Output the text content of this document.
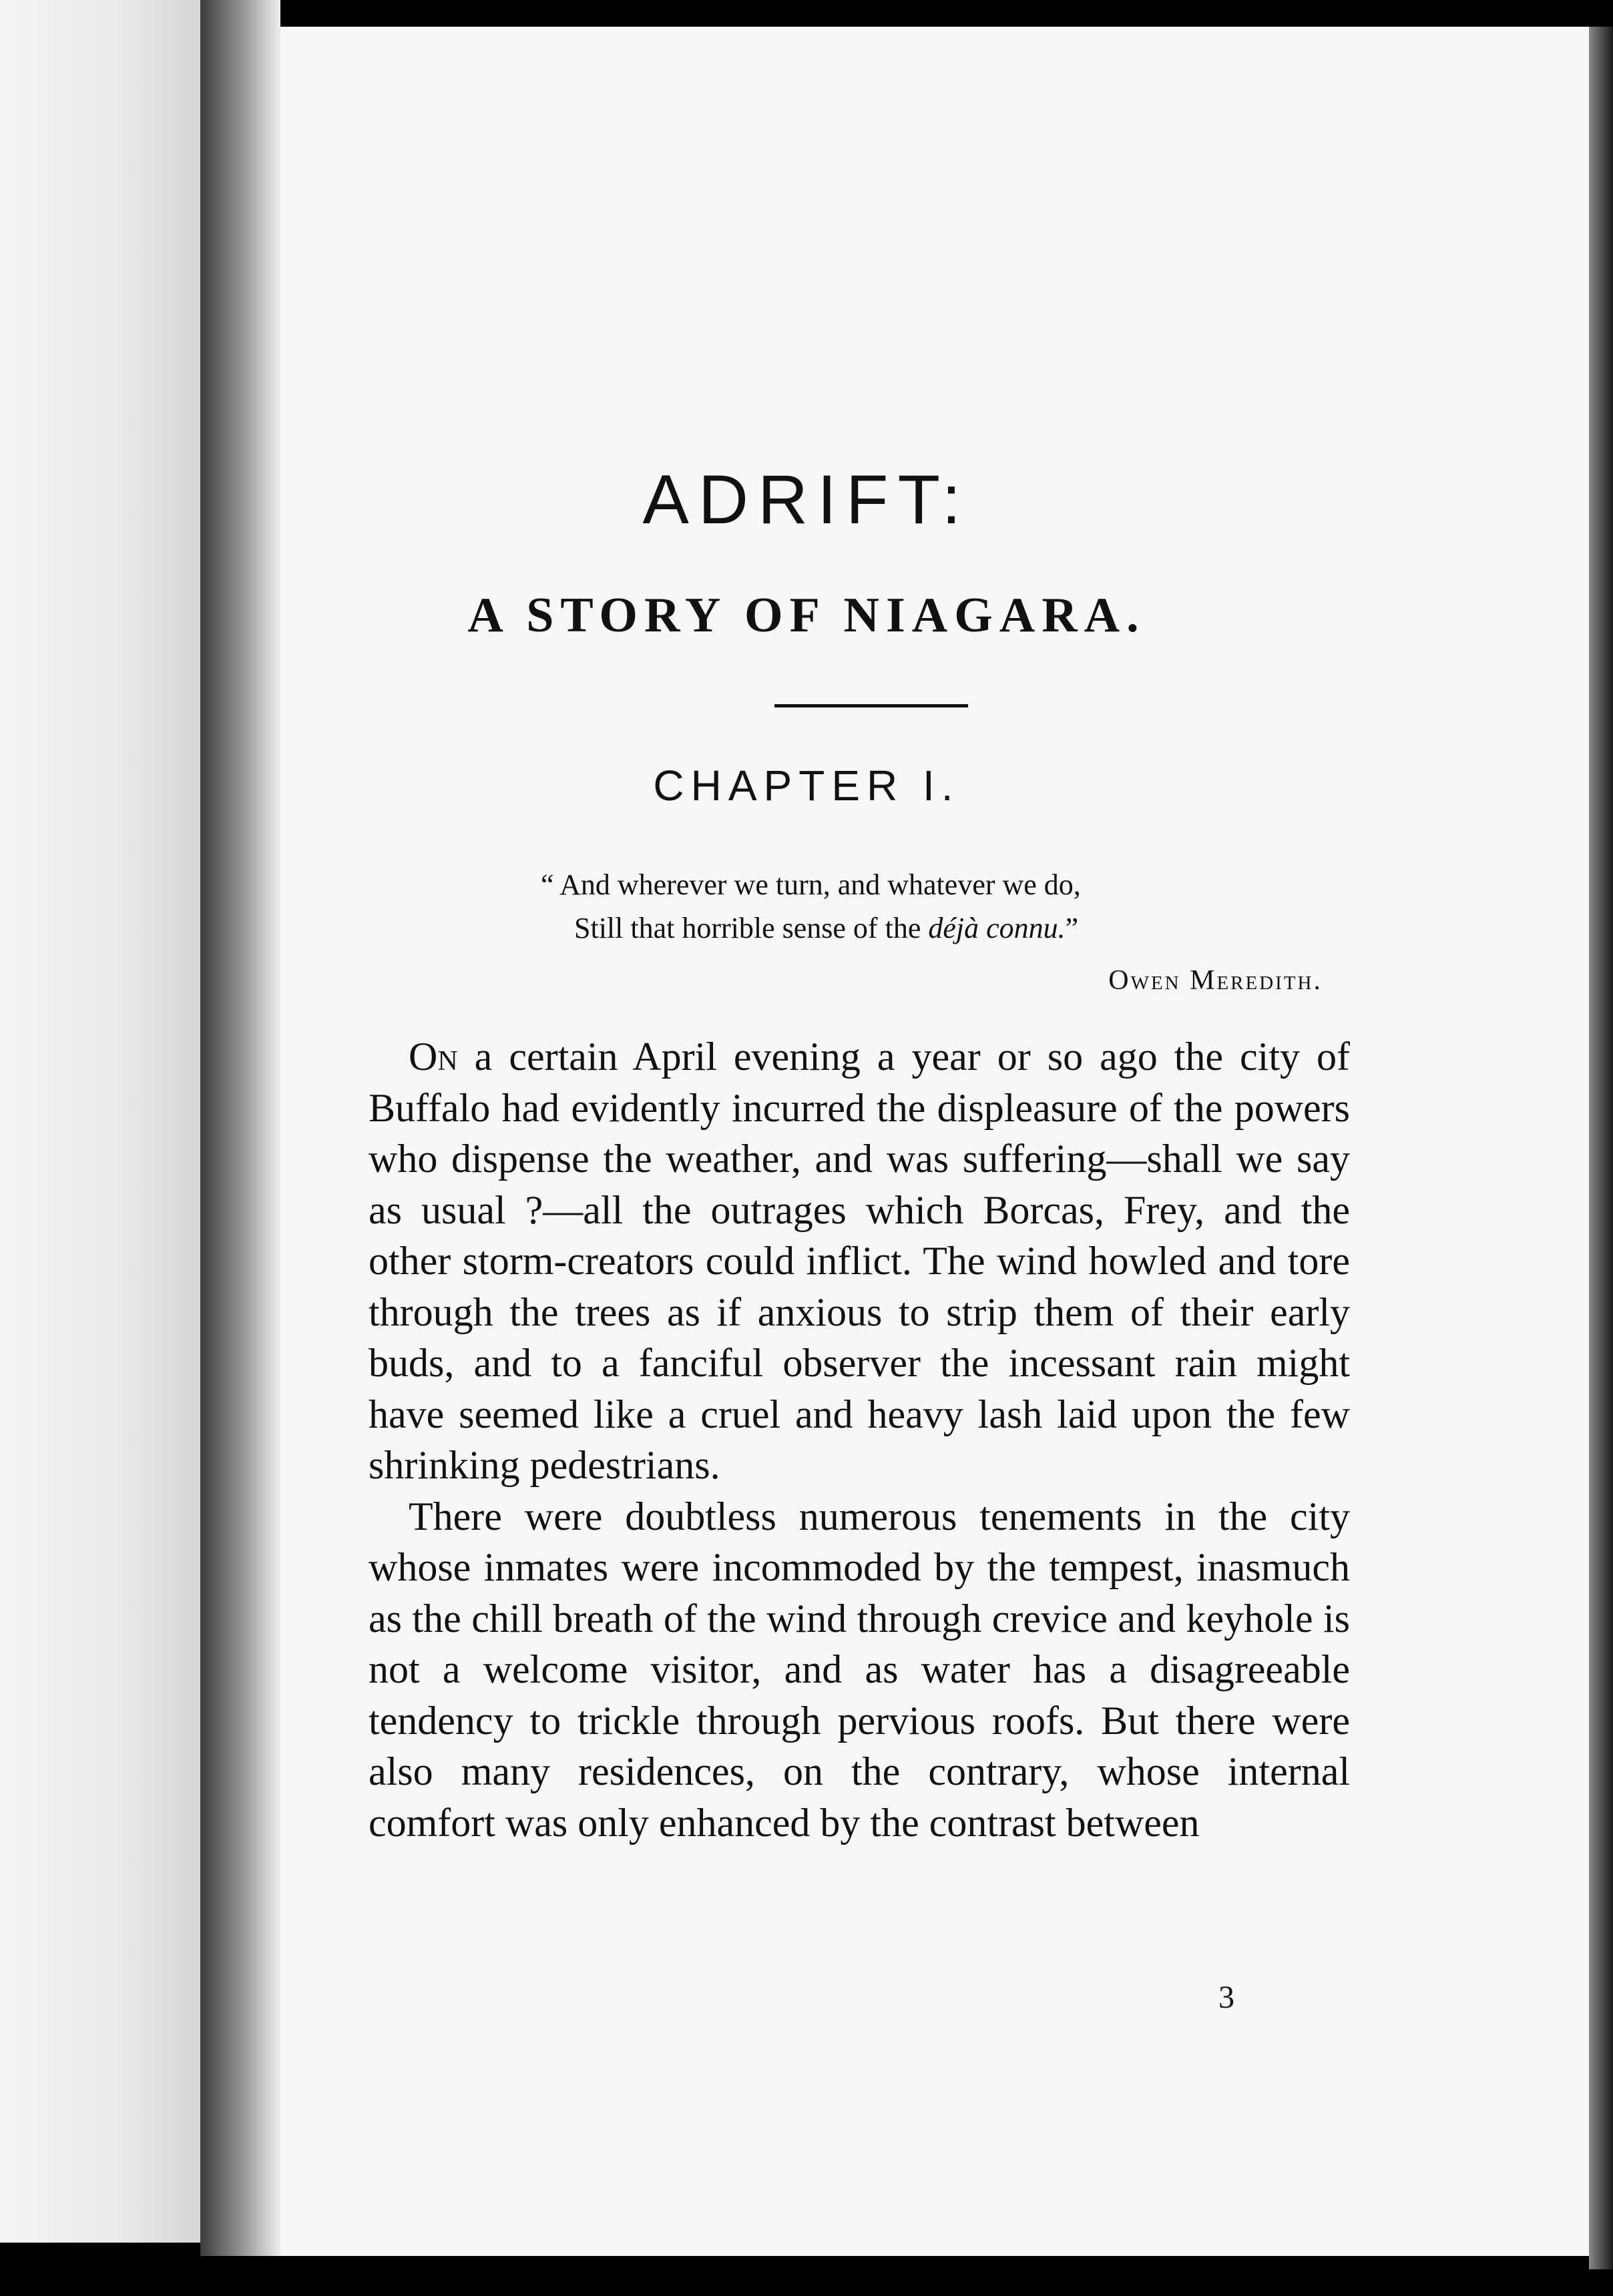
ADRIFT:
A STORY OF NIAGARA.
CHAPTER I.
“ And wherever we turn, and whatever we do,
Still that horrible sense of the déjà connu.”
Owen Meredith.

On a certain April evening a year or so ago the city of Buffalo had evidently incurred the displeasure of the powers who dispense the weather, and was suffering—shall we say as usual ?—all the outrages which Borcas, Frey, and the other storm-creators could inflict. The wind howled and tore through the trees as if anxious to strip them of their early buds, and to a fanciful observer the incessant rain might have seemed like a cruel and heavy lash laid upon the few shrinking pedestrians.

There were doubtless numerous tenements in the city whose inmates were incommoded by the tempest, inasmuch as the chill breath of the wind through crevice and keyhole is not a welcome visitor, and as water has a disagreeable tendency to trickle through pervious roofs. But there were also many residences, on the contrary, whose internal comfort was only enhanced by the contrast between

3
